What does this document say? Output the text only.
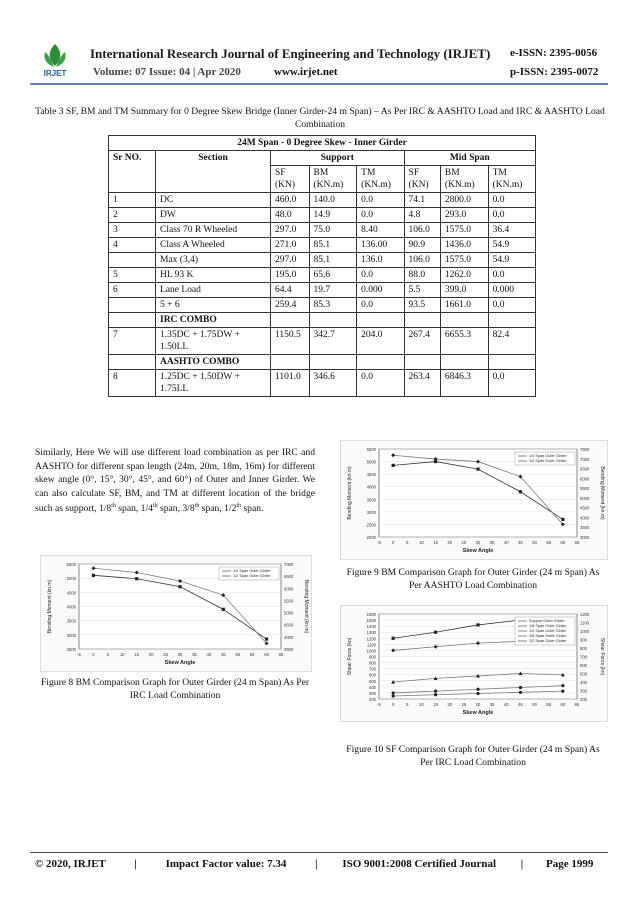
IRJET
International Research Journal of Engineering and Technology (IRJET) e-ISSN: 2395-0056
Volume: 07 Issue: 04 | Apr 2020	www.irjet.net	p-ISSN: 2395-0072
Table 3 SF, BM and TM Summary for 0 Degree Skew Bridge (Inner Girder-24 m Span) – As Per IRC & AASHTO Load and IRC & AASHTO Load Combination
24M Span - 0 Degree Skew - Inner Girder							
Sr NO.	Section	Support			Mid Span		
		SF (KN)	BM (KN.m)	TM (KN.m)	SF (KN)	BM (KN.m)	TM (KN.m)
1	DC	460.0	140.0	0.0	74.1	2800.0	0.0
2	DW	48.0	14.9	0.0	4.8	293.0	0.0
3	Class 70 R Wheeled	297.0	75.0	8.40	106.0	1575.0	36.4
4	Class A Wheeled	271.0	85.1	136.00	90.9	1436.0	54.9
	Max (3,4)	297.0	85.1	136.0	106.0	1575.0	54.9
5	HL 93 K	195.0	65.6	0.0	88.0	1262.0	0.0
6	Lane Load	64.4	19.7	0.000	5.5	399.0	0.000
	5 + 6	259.4	85.3	0.0	93.5	1661.0	0.0
	IRC COMBO						
7	1.35DC + 1.75DW + 1.50LL	1150.5	342.7	204.0	267.4	6655.3	82.4
	AASHTO COMBO						
8	1.25DC + 1.50DW + 1.75LL	1101.0	346.6	0.0	263.4	6846.3	0.0
Similarly, Here We will use different load combination as per IRC and AASHTO for different span length (24m, 20m, 18m, 16m) for different skew angle (0°, 15°, 30°, 45°, and 60°) of Outer and Inner Girder. We can also calculate SF, BM, and TM at different location of the bridge such as support, 1/8th span, 1/4th span, 3/8th span, 1/2th span.
2500
3000
3500
4000
4500
5000
5500
3500
4000
4500
5000
5500
6000
6500
7000
-5	0	5	10 15 20 25 30 35 40 45 50 55 60 65
Skew Angle
Bending Moment (kn.m)	Bending Moment (kn.m)
1/4 Span Outer Girder
1/2 Span Outer Girder
Figure 8 BM Comparison Graph for Outer Girder (24 m Span) As Per IRC Load Combination
2000
2500
3000
3500
4000
4500
5000
5500
3000
3500
4000
4500
5000
5500
6000
6500
7000
7500
-5	0	5	10 15 20 25 30 35 40 45 50 55 60 65
Skew Angle
Bending Moment (kn.m)	Bending Moment (kn.m)
1/4 Span Outer Girder
1/2 Span Outer Girder
Figure 9 BM Comparison Graph for Outer Girder (24 m Span) As Per AASHTO Load Combination
200
300
400
500
600
700
800
900
1000
1100
1200
1300
1400
1500
1600
200
300
400
500
600
700
800
900
1000
1100
1200
-5	0	5	10 15 20 25 30 35 40 45 50 55 60 65
Skew Angle
Shear Force (kn)	Shear Force (kn)
Support Outer Girder
1/8 Span Outer Girder
1/4 Span Outer Girder
3/8 Span Outer Girder
1/2 Span Outer Girder
Figure 10 SF Comparison Graph for Outer Girder (24 m Span) As Per IRC Load Combination
© 2020, IRJET	|	Impact Factor value: 7.34	| ISO 9001:2008 Certified Journal | Page 1999
